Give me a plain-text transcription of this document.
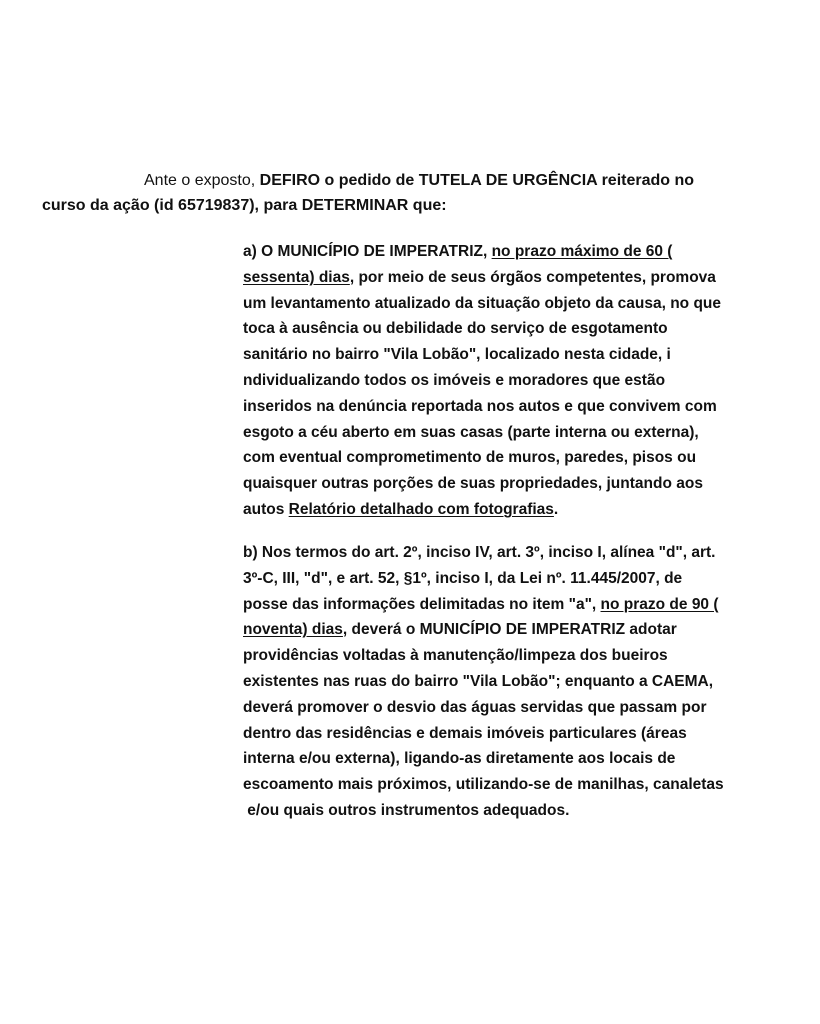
Ante o exposto, DEFIRO o pedido de TUTELA DE URGÊNCIA reiterado no
curso da ação (id 65719837), para DETERMINAR que:
a) O MUNICÍPIO DE IMPERATRIZ, no prazo máximo de 60 (
sessenta) dias, por meio de seus órgãos competentes, promova
um levantamento atualizado da situação objeto da causa, no que
toca à ausência ou debilidade do serviço de esgotamento
sanitário no bairro "Vila Lobão", localizado nesta cidade, i
ndividualizando todos os imóveis e moradores que estão
inseridos na denúncia reportada nos autos e que convivem com
esgoto a céu aberto em suas casas (parte interna ou externa),
com eventual comprometimento de muros, paredes, pisos ou
quaisquer outras porções de suas propriedades, juntando aos
autos Relatório detalhado com fotografias.
b) Nos termos do art. 2º, inciso IV, art. 3º, inciso I, alínea "d", art.
3º-C, III, "d", e art. 52, §1º, inciso I, da Lei nº. 11.445/2007, de
posse das informações delimitadas no item "a", no prazo de 90 (
noventa) dias, deverá o MUNICÍPIO DE IMPERATRIZ adotar
providências voltadas à manutenção/limpeza dos bueiros
existentes nas ruas do bairro "Vila Lobão"; enquanto a CAEMA,
deverá promover o desvio das águas servidas que passam por
dentro das residências e demais imóveis particulares (áreas
interna e/ou externa), ligando-as diretamente aos locais de
escoamento mais próximos, utilizando-se de manilhas, canaletas
e/ou quais outros instrumentos adequados.
